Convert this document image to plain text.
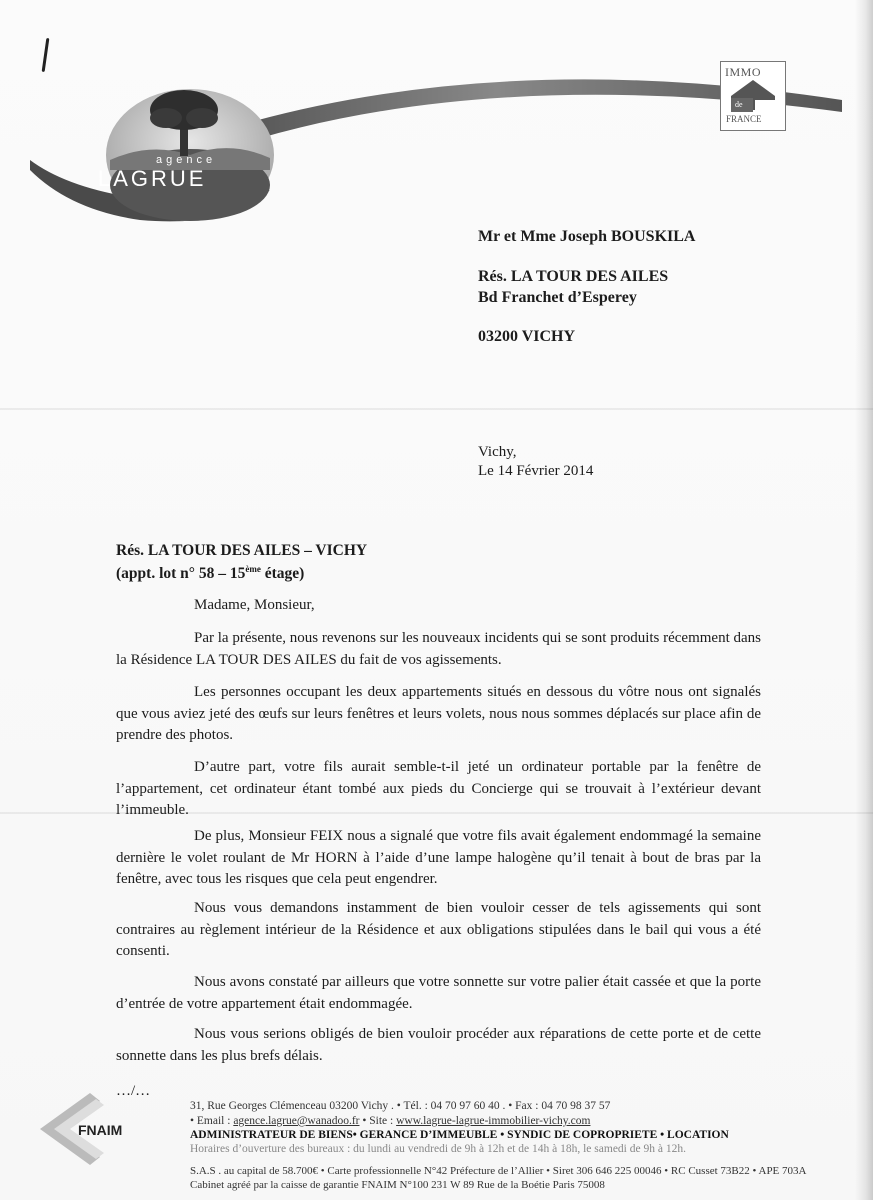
agence
LAGRUE
IMMO
de
FRANCE
Mr et Mme Joseph BOUSKILA
Rés. LA TOUR DES AILES
Bd Franchet d’Esperey
03200 VICHY
Vichy,
Le 14 Février 2014
Rés. LA TOUR DES AILES – VICHY
(appt. lot n° 58 – 15ème étage)
Madame, Monsieur,
Par la présente, nous revenons sur les nouveaux incidents qui se sont produits récemment dans la Résidence LA TOUR DES AILES du fait de vos agissements.
Les personnes occupant les deux appartements situés en dessous du vôtre nous ont signalés que vous aviez jeté des œufs sur leurs fenêtres et leurs volets, nous nous sommes déplacés sur place afin de prendre des photos.
D’autre part, votre fils aurait semble-t-il jeté un ordinateur portable par la fenêtre de l’appartement, cet ordinateur étant tombé aux pieds du Concierge qui se trouvait à l’extérieur devant l’immeuble.
De plus, Monsieur FEIX nous a signalé que votre fils avait également endommagé la semaine dernière le volet roulant de Mr HORN à l’aide d’une lampe halogène qu’il tenait à bout de bras par la fenêtre, avec tous les risques que cela peut engendrer.
Nous vous demandons instamment de bien vouloir cesser de tels agissements qui sont contraires au règlement intérieur de la Résidence et aux obligations stipulées dans le bail qui vous a été consenti.
Nous avons constaté par ailleurs que votre sonnette sur votre palier était cassée et que la porte d’entrée de votre appartement était endommagée.
Nous vous serions obligés de bien vouloir procéder aux réparations de cette porte et de cette sonnette dans les plus brefs délais.
…/…
FNAIM
31, Rue Georges Clémenceau 03200 Vichy . • Tél. : 04 70 97 60 40 . • Fax : 04 70 98 37 57
• Email : agence.lagrue@wanadoo.fr • Site : www.lagrue-lagrue-immobilier-vichy.com
ADMINISTRATEUR DE BIENS• GERANCE D’IMMEUBLE • SYNDIC DE COPROPRIETE • LOCATION
Horaires d’ouverture des bureaux : du lundi au vendredi de 9h à 12h et de 14h à 18h, le samedi de 9h à 12h.
S.A.S . au capital de 58.700€ • Carte professionnelle N°42 Préfecture de l’Allier • Siret 306 646 225 00046 • RC Cusset 73B22 • APE 703A
Cabinet agréé par la caisse de garantie FNAIM N°100 231 W 89 Rue de la Boétie Paris 75008
